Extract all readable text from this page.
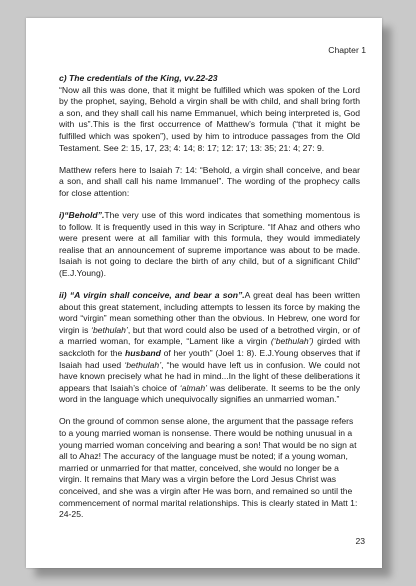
Chapter 1

c) The credentials of the King, vv.22-23
“Now all this was done, that it might be fulfilled which was spoken of the Lord by the prophet, saying, Behold a virgin shall be with child, and shall bring forth a son, and they shall call his name Emmanuel, which being interpreted is, God with us”.This is the first occurrence of Matthew’s formula (“that it might be fulfilled which was spoken”), used by him to introduce passages from the Old Testament. See 2: 15, 17, 23; 4: 14; 8: 17; 12: 17; 13: 35; 21: 4; 27: 9.

Matthew refers here to Isaiah 7: 14: “Behold, a virgin shall conceive, and bear a son, and shall call his name Immanuel”. The wording of the prophecy calls for close attention:

i)“Behold”.The very use of this word indicates that something momentous is to follow. It is frequently used in this way in Scripture. “If Ahaz and others who were present were at all familiar with this formula, they would immediately realise that an announcement of supreme importance was about to be made. Isaiah is not going to declare the birth of any child, but of a significant Child” (E.J.Young).

ii) “A virgin shall conceive, and bear a son”.A great deal has been written about this great statement, including attempts to lessen its force by making the word “virgin” mean something other than the obvious. In Hebrew, one word for virgin is ‘bethulah’, but that word could also be used of a betrothed virgin, or of a married woman, for example, “Lament like a virgin (‘bethulah’) girded with sackcloth for the husband of her youth” (Joel 1: 8). E.J.Young observes that if Isaiah had used ‘bethulah’, “he would have left us in confusion. We could not have known precisely what he had in mind...In the light of these deliberations it appears that Isaiah’s choice of ‘almah’ was deliberate. It seems to be the only word in the language which unequivocally signifies an unmarried woman.”

On the ground of common sense alone, the argument that the passage refers to a young married woman is nonsense. There would be nothing unusual in a young married woman conceiving and bearing a son! That would be no sign at all to Ahaz! The accuracy of the language must be noted; if a young woman, married or unmarried for that matter, conceived, she would no longer be a virgin. It remains that Mary was a virgin before the Lord Jesus Christ was conceived, and she was a virgin after He was born, and remained so until the commencement of normal marital relationships. This is clearly stated in Matt 1: 24-25.

23
